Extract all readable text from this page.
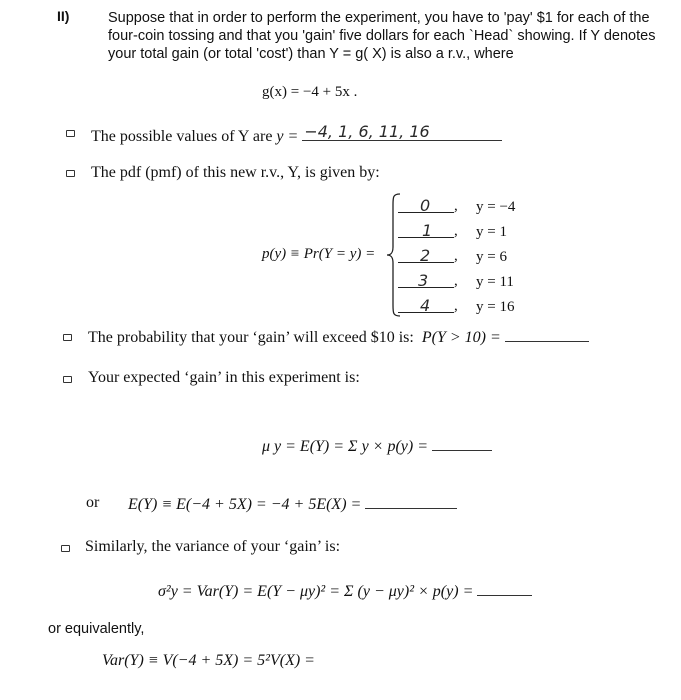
II)	Suppose that in order to perform the experiment, you have to 'pay' $1 for each of the
four-coin tossing and that you 'gain' five dollars for each `Head` showing. If Y denotes
your total gain (or total 'cost') than Y = g( X) is also a r.v., where
g(x) = −4 + 5x .
The possible values of Y are y = −4, 1, 6, 11, 16
The pdf (pmf) of this new r.v., Y, is given by:
p(y) ≡ Pr(Y = y) =
0 , y = −4
1 , y = 1
2 , y = 6
3 , y = 11
4 , y = 16
The probability that your ‘gain’ will exceed $10 is: P(Y > 10) =
Your expected ‘gain’ in this experiment is:
μ y = E(Y) = Σ y × p(y) =
or E(Y) ≡ E(−4 + 5X) = −4 + 5E(X) =
Similarly, the variance of your ‘gain’ is:
σ²y = Var(Y) = E(Y − μy)² = Σ (y − μy)² × p(y) =
or equivalently,
Var(Y) ≡ V(−4 + 5X) = 5²V(X) =
